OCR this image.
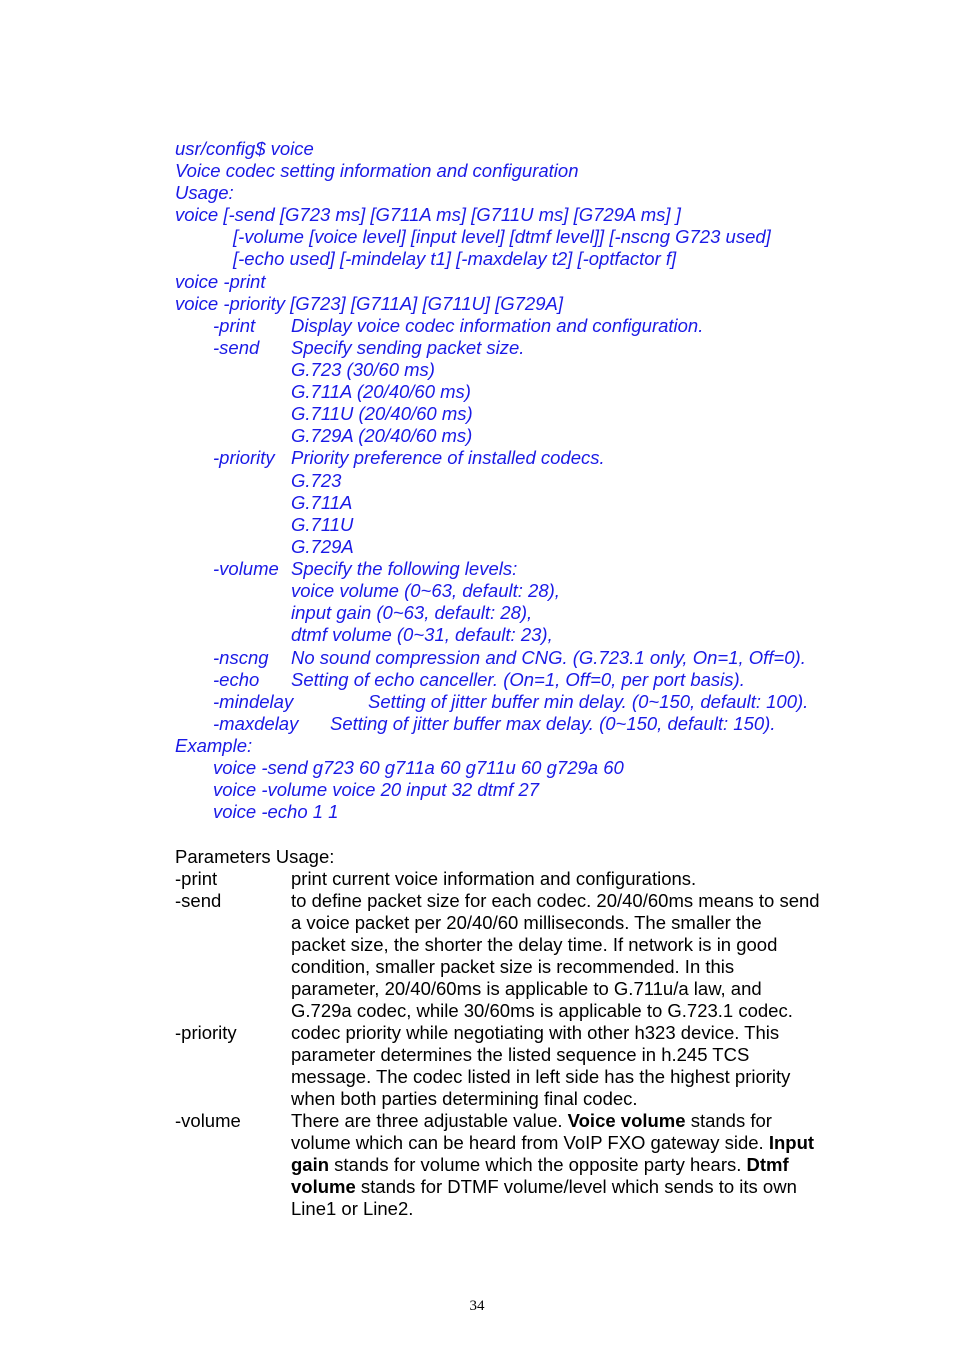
usr/config$ voice

Voice codec setting information and configuration

Usage:

voice [-send [G723 ms] [G711A ms] [G711U ms] [G729A ms] ]

[-volume [voice level] [input level] [dtmf level]] [-nscng G723 used]

[-echo used] [-mindelay t1] [-maxdelay t2] [-optfactor f]

voice -print

voice -priority [G723] [G711A] [G711U] [G729A]

-print Display voice codec information and configuration.

-send Specify sending packet size.

G.723 (30/60 ms)

G.711A (20/40/60 ms)

G.711U (20/40/60 ms)

G.729A (20/40/60 ms)

-priority Priority preference of installed codecs.

G.723

G.711A

G.711U

G.729A

-volume Specify the following levels:

voice volume (0~63, default: 28),

input gain (0~63, default: 28),

dtmf volume (0~31, default: 23),

-nscng No sound compression and CNG. (G.723.1 only, On=1, Off=0).

-echo Setting of echo canceller. (On=1, Off=0, per port basis).

-mindelay	Setting of jitter buffer min delay. (0~150, default: 100).

-maxdelay Setting of jitter buffer max delay. (0~150, default: 150).

Example:

voice -send g723 60 g711a 60 g711u 60 g729a 60

voice -volume voice 20 input 32 dtmf 27

voice -echo 1 1

Parameters Usage:

-print	print current voice information and configurations.

-send	to define packet size for each codec. 20/40/60ms means to send

a voice packet per 20/40/60 milliseconds. The smaller the

packet size, the shorter the delay time. If network is in good

condition, smaller packet size is recommended. In this

parameter, 20/40/60ms is applicable to G.711u/a law, and

G.729a codec, while 30/60ms is applicable to G.723.1 codec.

-priority	codec priority while negotiating with other h323 device. This

parameter determines the listed sequence in h.245 TCS

message. The codec listed in left side has the highest priority

when both parties determining final codec.

-volume	There are three adjustable value. Voice volume stands for

volume which can be heard from VoIP FXO gateway side. Input

gain stands for volume which the opposite party hears. Dtmf

volume stands for DTMF volume/level which sends to its own

Line1 or Line2.

34
